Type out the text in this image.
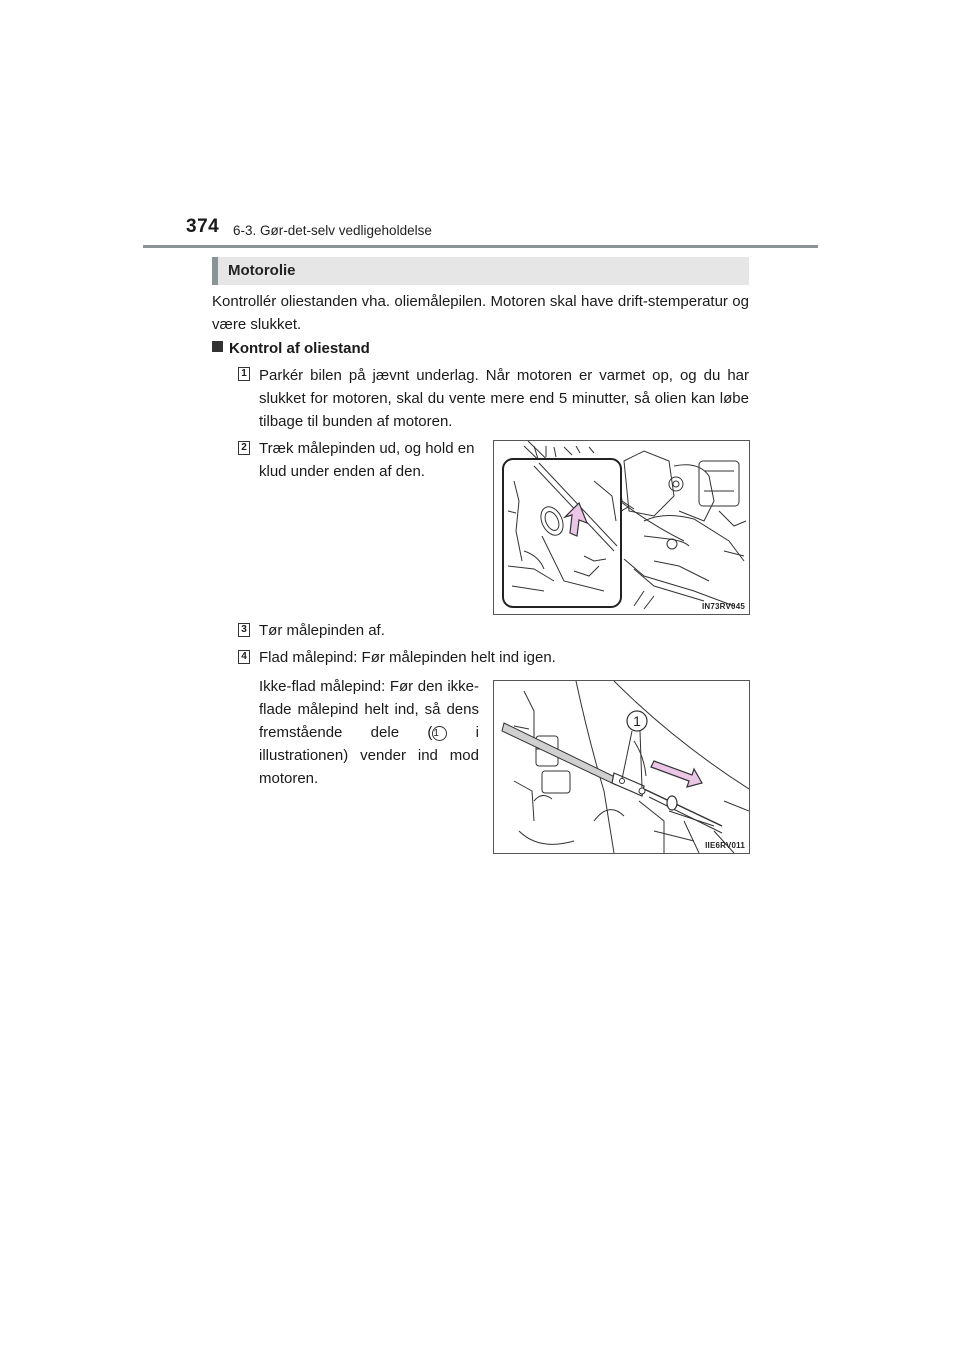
374 6-3. Gør-det-selv vedligeholdelse
Motorolie
Kontrollér oliestanden vha. oliemålepilen. Motoren skal have drift-stemperatur og være slukket.
Kontrol af oliestand
1 Parkér bilen på jævnt underlag. Når motoren er varmet op, og du har slukket for motoren, skal du vente mere end 5 minutter, så olien kan løbe tilbage til bunden af motoren.
2 Træk målepinden ud, og hold en klud under enden af den.
IN73RV045
3 Tør målepinden af.
4 Flad målepind: Før målepinden helt ind igen.
Ikke-flad målepind: Før den ikke-flade målepind helt ind, så dens fremstående dele (1 i illustrationen) vender ind mod motoren.
1
IIE6RV011
